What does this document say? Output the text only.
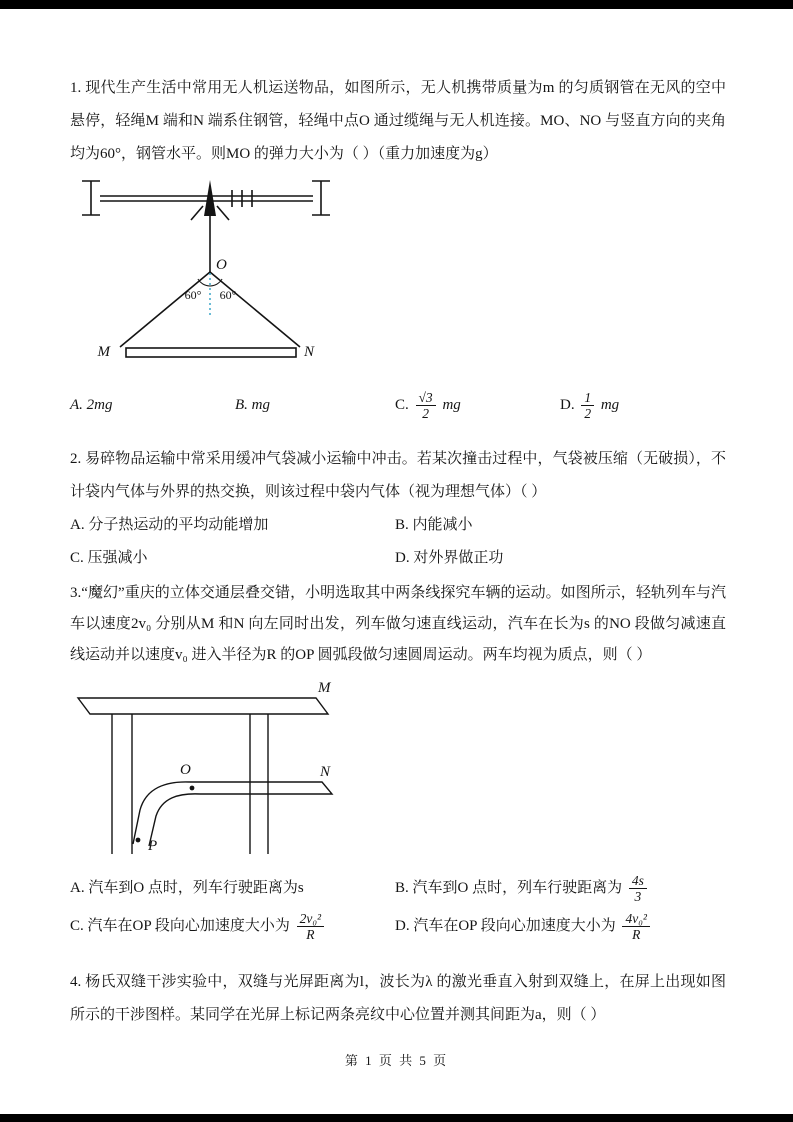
1. 现代生产生活中常用无人机运送物品，如图所示，无人机携带质量为m 的匀质钢管在无风的空中悬停，轻绳M 端和N 端系住钢管，轻绳中点O 通过缆绳与无人机连接。MO、NO 与竖直方向的夹角均为60°，钢管水平。则MO 的弹力大小为（ ）（重力加速度为g）

O
M	N
60° 60°
A. 2mg	B. mg	C. $\frac{√3}{2}$ mg	D. $\frac{1}{2}$ mg

2. 易碎物品运输中常采用缓冲气袋减小运输中冲击。若某次撞击过程中，气袋被压缩（无破损），不计袋内气体与外界的热交换，则该过程中袋内气体（视为理想气体）（ ）

A. 分子热运动的平均动能增加	B. 内能减小
C. 压强减小	D. 对外界做正功

3.“魔幻”重庆的立体交通层叠交错，小明选取其中两条线探究车辆的运动。如图所示，轻轨列车与汽车以速度2v₀ 分别从M 和N 向左同时出发，列车做匀速直线运动，汽车在长为s 的NO 段做匀减速直线运动并以速度v₀ 进入半径为R 的OP 圆弧段做匀速圆周运动。两车均视为质点，则（ ）

M
N
O
P
A. 汽车到O 点时，列车行驶距离为s	B. 汽车到O 点时，列车行驶距离为 $\frac{4s}{3}$
C. 汽车在OP 段向心加速度大小为 $\frac{\text{2v₀²}}{R}$	D. 汽车在OP 段向心加速度大小为 $\frac{\text{4v₀²}}{R}$

4. 杨氏双缝干涉实验中，双缝与光屏距离为l，波长为λ 的激光垂直入射到双缝上，在屏上出现如图所示的干涉图样。某同学在光屏上标记两条亮纹中心位置并测其间距为a，则（ ）

第 1 页 共 5 页
